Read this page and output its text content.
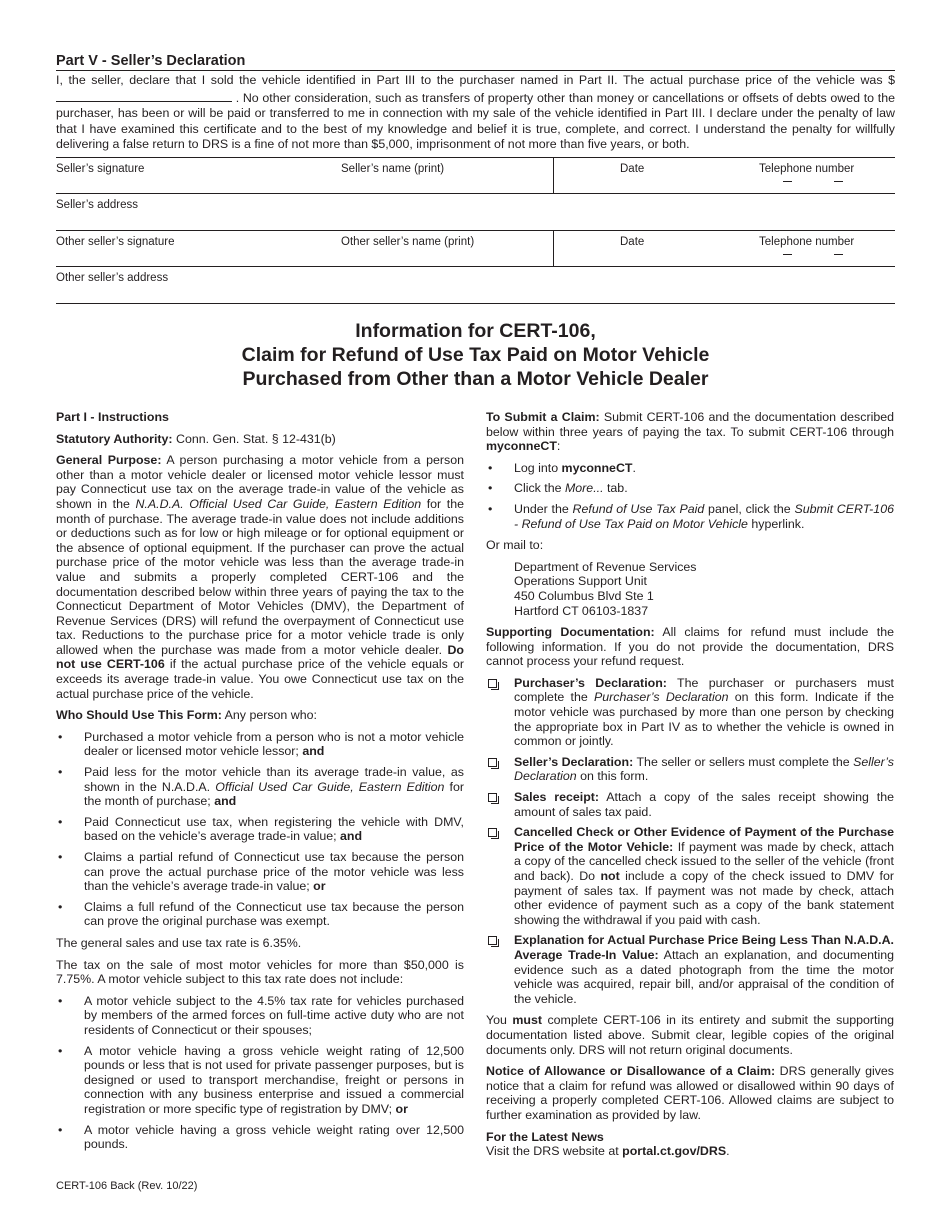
Part V - Seller’s Declaration
I, the seller, declare that I sold the vehicle identified in Part III to the purchaser named in Part II. The actual purchase price of the vehicle was $  . No other consideration, such as transfers of property other than money or cancellations or offsets of debts owed to the purchaser, has been or will be paid or transferred to me in connection with my sale of the vehicle identified in Part III. I declare under the penalty of law that I have examined this certificate and to the best of my knowledge and belief it is true, complete, and correct. I understand the penalty for willfully delivering a false return to DRS is a fine of not more than $5,000, imprisonment of not more than five years, or both.
Seller’s signature	Seller’s name (print)	Date	Telephone number
Seller’s address
Other seller’s signature	Other seller’s name (print)	Date	Telephone number
Other seller’s address
Information for CERT-106,
Claim for Refund of Use Tax Paid on Motor Vehicle
Purchased from Other than a Motor Vehicle Dealer

Part I - Instructions

Statutory Authority: Conn. Gen. Stat. § 12-431(b)

General Purpose: A person purchasing a motor vehicle from a person other than a motor vehicle dealer or licensed motor vehicle lessor must pay Connecticut use tax on the average trade-in value of the vehicle as shown in the N.A.D.A. Official Used Car Guide, Eastern Edition for the month of purchase. The average trade-in value does not include additions or deductions such as for low or high mileage or for optional equipment or the absence of optional equipment. If the purchaser can prove the actual purchase price of the motor vehicle was less than the average trade-in value and submits a properly completed CERT-106 and the documentation described below within three years of paying the tax to the Connecticut Department of Motor Vehicles (DMV), the Department of Revenue Services (DRS) will refund the overpayment of Connecticut use tax. Reductions to the purchase price for a motor vehicle trade is only allowed when the purchase was made from a motor vehicle dealer. Do not use CERT-106 if the actual purchase price of the vehicle equals or exceeds its average trade-in value. You owe Connecticut use tax on the actual purchase price of the vehicle.

Who Should Use This Form: Any person who:

• Purchased a motor vehicle from a person who is not a motor vehicle dealer or licensed motor vehicle lessor; and
• Paid less for the motor vehicle than its average trade-in value, as shown in the N.A.D.A. Official Used Car Guide, Eastern Edition for the month of purchase; and
• Paid Connecticut use tax, when registering the vehicle with DMV, based on the vehicle’s average trade-in value; and
• Claims a partial refund of Connecticut use tax because the person can prove the actual purchase price of the motor vehicle was less than the vehicle’s average trade-in value; or
• Claims a full refund of the Connecticut use tax because the person can prove the original purchase was exempt.

The general sales and use tax rate is 6.35%.

The tax on the sale of most motor vehicles for more than $50,000 is 7.75%. A motor vehicle subject to this tax rate does not include:

• A motor vehicle subject to the 4.5% tax rate for vehicles purchased by members of the armed forces on full-time active duty who are not residents of Connecticut or their spouses;
• A motor vehicle having a gross vehicle weight rating of 12,500 pounds or less that is not used for private passenger purposes, but is designed or used to transport merchandise, freight or persons in connection with any business enterprise and issued a commercial registration or more specific type of registration by DMV; or
• A motor vehicle having a gross vehicle weight rating over 12,500 pounds.

To Submit a Claim: Submit CERT-106 and the documentation described below within three years of paying the tax. To submit CERT-106 through myconneCT:

• Log into myconneCT.
• Click the More... tab.
• Under the Refund of Use Tax Paid panel, click the Submit CERT-106 - Refund of Use Tax Paid on Motor Vehicle hyperlink.

Or mail to:

Department of Revenue Services
Operations Support Unit
450 Columbus Blvd Ste 1
Hartford CT 06103-1837

Supporting Documentation: All claims for refund must include the following information. If you do not provide the documentation, DRS cannot process your refund request.

Purchaser’s Declaration: The purchaser or purchasers must complete the Purchaser’s Declaration on this form. Indicate if the motor vehicle was purchased by more than one person by checking the appropriate box in Part IV as to whether the vehicle is owned in common or jointly.
Seller’s Declaration: The seller or sellers must complete the Seller’s Declaration on this form.
Sales receipt: Attach a copy of the sales receipt showing the amount of sales tax paid.
Cancelled Check or Other Evidence of Payment of the Purchase Price of the Motor Vehicle: If payment was made by check, attach a copy of the cancelled check issued to the seller of the vehicle (front and back). Do not include a copy of the check issued to DMV for payment of sales tax. If payment was not made by check, attach other evidence of payment such as a copy of the bank statement showing the withdrawal if you paid with cash.
Explanation for Actual Purchase Price Being Less Than N.A.D.A. Average Trade-In Value: Attach an explanation, and documenting evidence such as a dated photograph from the time the motor vehicle was acquired, repair bill, and/or appraisal of the condition of the vehicle.

You must complete CERT-106 in its entirety and submit the supporting documentation listed above. Submit clear, legible copies of the original documents only. DRS will not return original documents.

Notice of Allowance or Disallowance of a Claim: DRS generally gives notice that a claim for refund was allowed or disallowed within 90 days of receiving a properly completed CERT-106. Allowed claims are subject to further examination as provided by law.

For the Latest News
Visit the DRS website at portal.ct.gov/DRS.

CERT-106 Back (Rev. 10/22)
